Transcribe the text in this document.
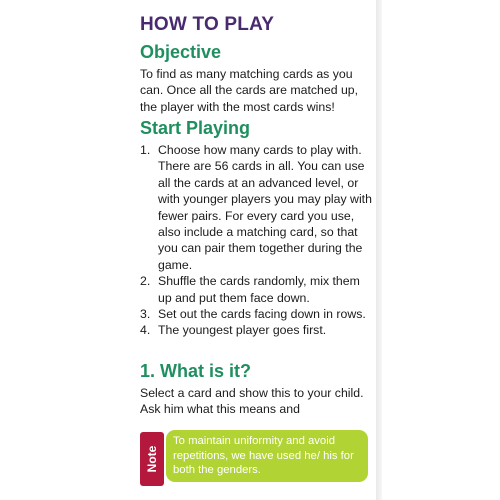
HOW TO PLAY
Objective

To find as many matching cards as you can. Once all the cards are matched up, the player with the most cards wins!

Start Playing
1. Choose how many cards to play with. There are 56 cards in all. You can use all the cards at an advanced level, or with younger players you may play with fewer pairs. For every card you use, also include a matching card, so that you can pair them together during the game.
2. Shuffle the cards randomly, mix them up and put them face down.
3. Set out the cards facing down in rows.
4. The youngest player goes first.
1. What is it?

Select a card and show this to your child. Ask him what this means and

Note
To maintain uniformity and avoid repetitions, we have used he/ his for both the genders.
